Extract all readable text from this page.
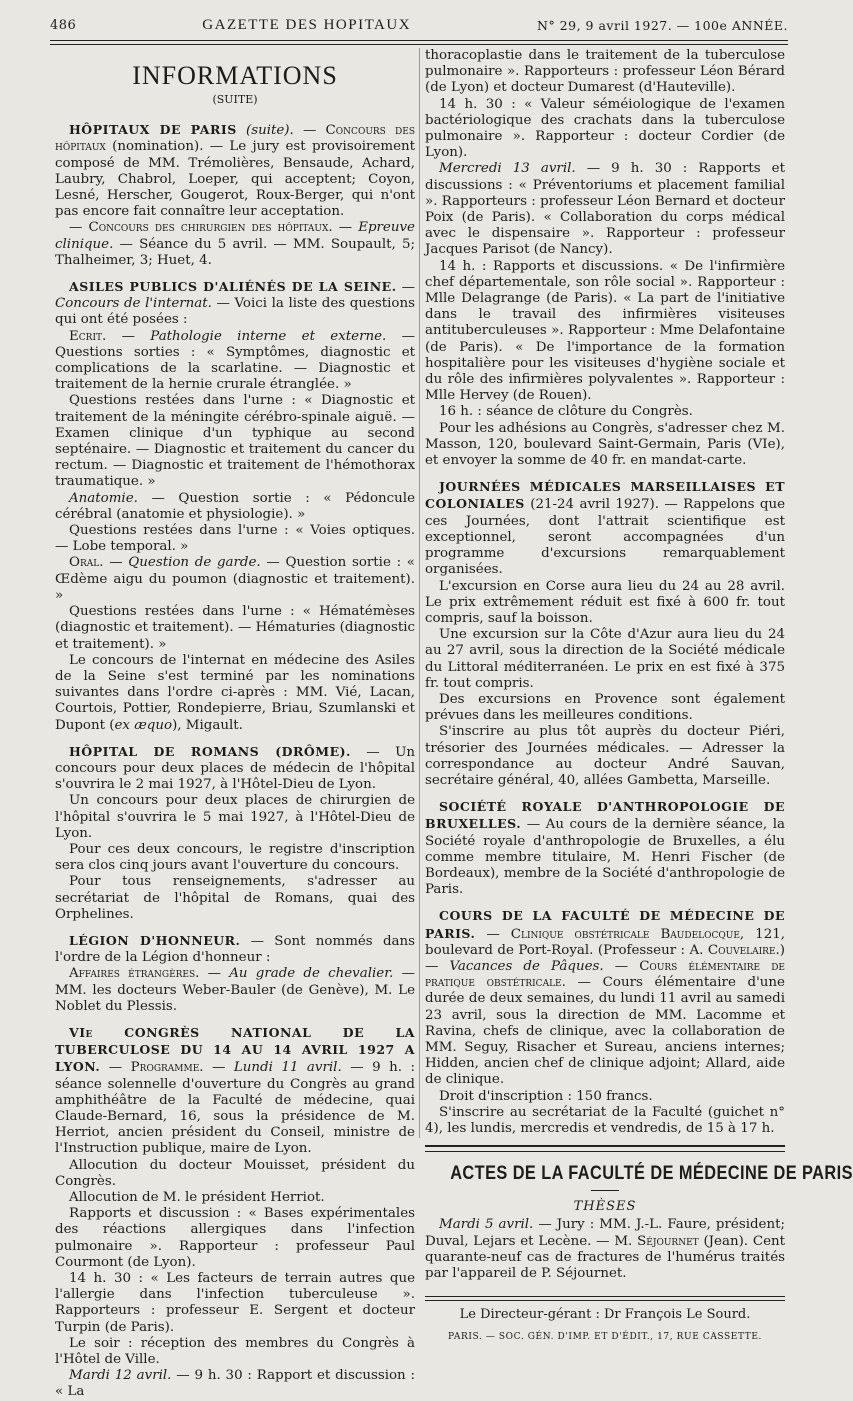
486	GAZETTE DES HOPITAUX	N° 29, 9 avril 1927. — 100e ANNÉE.
INFORMATIONS
(SUITE)

HÔPITAUX DE PARIS (suite). — Concours des hôpitaux (nomination). — Le jury est provisoirement composé de MM. Trémolières, Bensaude, Achard, Laubry, Chabrol, Loeper, qui acceptent; Coyon, Lesné, Herscher, Gougerot, Roux-Berger, qui n'ont pas encore fait connaître leur acceptation.

— Concours des chirurgien des hôpitaux. — Epreuve clinique. — Séance du 5 avril. — MM. Soupault, 5; Thalheimer, 3; Huet, 4.

ASILES PUBLICS D'ALIÉNÉS DE LA SEINE. — Concours de l'internat. — Voici la liste des questions qui ont été posées :

Ecrit. — Pathologie interne et externe. — Questions sorties : « Symptômes, diagnostic et complications de la scarlatine. — Diagnostic et traitement de la hernie crurale étranglée. »

Questions restées dans l'urne : « Diagnostic et traitement de la méningite cérébro-spinale aiguë. — Examen clinique d'un typhique au second septénaire. — Diagnostic et traitement du cancer du rectum. — Diagnostic et traitement de l'hémothorax traumatique. »

Anatomie. — Question sortie : « Pédoncule cérébral (anatomie et physiologie). »

Questions restées dans l'urne : « Voies optiques. — Lobe temporal. »

Oral. — Question de garde. — Question sortie : « Œdème aigu du poumon (diagnostic et traitement). »

Questions restées dans l'urne : « Hématémèses (diagnostic et traitement). — Hématuries (diagnostic et traitement). »

Le concours de l'internat en médecine des Asiles de la Seine s'est terminé par les nominations suivantes dans l'ordre ci-après : MM. Vié, Lacan, Courtois, Pottier, Rondepierre, Briau, Szumlanski et Dupont (ex æquo), Migault.

HÔPITAL DE ROMANS (DRÔME). — Un concours pour deux places de médecin de l'hôpital s'ouvrira le 2 mai 1927, à l'Hôtel-Dieu de Lyon.

Un concours pour deux places de chirurgien de l'hôpital s'ouvrira le 5 mai 1927, à l'Hôtel-Dieu de Lyon.

Pour ces deux concours, le registre d'inscription sera clos cinq jours avant l'ouverture du concours.

Pour tous renseignements, s'adresser au secrétariat de l'hôpital de Romans, quai des Orphelines.

LÉGION D'HONNEUR. — Sont nommés dans l'ordre de la Légion d'honneur :

Affaires étrangères. — Au grade de chevalier. — MM. les docteurs Weber-Bauler (de Genève), M. Le Noblet du Plessis.

VIe CONGRÈS NATIONAL DE LA TUBERCULOSE DU 14 AU 14 AVRIL 1927 A LYON. — Programme. — Lundi 11 avril. — 9 h. : séance solennelle d'ouverture du Congrès au grand amphithéâtre de la Faculté de médecine, quai Claude-Bernard, 16, sous la présidence de M. Herriot, ancien président du Conseil, ministre de l'Instruction publique, maire de Lyon.

Allocution du docteur Mouisset, président du Congrès.

Allocution de M. le président Herriot.

Rapports et discussion : « Bases expérimentales des réactions allergiques dans l'infection pulmonaire ». Rapporteur : professeur Paul Courmont (de Lyon).

14 h. 30 : « Les facteurs de terrain autres que l'allergie dans l'infection tuberculeuse ». Rapporteurs : professeur E. Sergent et docteur Turpin (de Paris).

Le soir : réception des membres du Congrès à l'Hôtel de Ville.

Mardi 12 avril. — 9 h. 30 : Rapport et discussion : « La

thoracoplastie dans le traitement de la tuberculose pulmonaire ». Rapporteurs : professeur Léon Bérard (de Lyon) et docteur Dumarest (d'Hauteville).

14 h. 30 : « Valeur séméiologique de l'examen bactériologique des crachats dans la tuberculose pulmonaire ». Rapporteur : docteur Cordier (de Lyon).

Mercredi 13 avril. — 9 h. 30 : Rapports et discussions : « Préventoriums et placement familial ». Rapporteurs : professeur Léon Bernard et docteur Poix (de Paris). « Collaboration du corps médical avec le dispensaire ». Rapporteur : professeur Jacques Parisot (de Nancy).

14 h. : Rapports et discussions. « De l'infirmière chef départementale, son rôle social ». Rapporteur : Mlle Delagrange (de Paris). « La part de l'initiative dans le travail des infirmières visiteuses antituberculeuses ». Rapporteur : Mme Delafontaine (de Paris). « De l'importance de la formation hospitalière pour les visiteuses d'hygiène sociale et du rôle des infirmières polyvalentes ». Rapporteur : Mlle Hervey (de Rouen).

16 h. : séance de clôture du Congrès.

Pour les adhésions au Congrès, s'adresser chez M. Masson, 120, boulevard Saint-Germain, Paris (VIe), et envoyer la somme de 40 fr. en mandat-carte.

JOURNÉES MÉDICALES MARSEILLAISES ET COLONIALES (21-24 avril 1927). — Rappelons que ces Journées, dont l'attrait scientifique est exceptionnel, seront accompagnées d'un programme d'excursions remarquablement organisées.

L'excursion en Corse aura lieu du 24 au 28 avril. Le prix extrêmement réduit est fixé à 600 fr. tout compris, sauf la boisson.

Une excursion sur la Côte d'Azur aura lieu du 24 au 27 avril, sous la direction de la Société médicale du Littoral méditerranéen. Le prix en est fixé à 375 fr. tout compris.

Des excursions en Provence sont également prévues dans les meilleures conditions.

S'inscrire au plus tôt auprès du docteur Piéri, trésorier des Journées médicales. — Adresser la correspondance au docteur André Sauvan, secrétaire général, 40, allées Gambetta, Marseille.

SOCIÉTÉ ROYALE D'ANTHROPOLOGIE DE BRUXELLES. — Au cours de la dernière séance, la Société royale d'anthropologie de Bruxelles, a élu comme membre titulaire, M. Henri Fischer (de Bordeaux), membre de la Société d'anthropologie de Paris.

COURS DE LA FACULTÉ DE MÉDECINE DE PARIS. — Clinique obstétricale Baudelocque, 121, boulevard de Port-Royal. (Professeur : A. Couvelaire.) — Vacances de Pâques. — Cours élémentaire de pratique obstétricale. — Cours élémentaire d'une durée de deux semaines, du lundi 11 avril au samedi 23 avril, sous la direction de MM. Lacomme et Ravina, chefs de clinique, avec la collaboration de MM. Seguy, Risacher et Sureau, anciens internes; Hidden, ancien chef de clinique adjoint; Allard, aide de clinique.

Droit d'inscription : 150 francs.

S'inscrire au secrétariat de la Faculté (guichet n° 4), les lundis, mercredis et vendredis, de 15 à 17 h.

ACTES DE LA FACULTÉ DE MÉDECINE DE PARIS
THÈSES

Mardi 5 avril. — Jury : MM. J.-L. Faure, président; Duval, Lejars et Lecène. — M. Séjournet (Jean). Cent quarante-neuf cas de fractures de l'humérus traités par l'appareil de P. Séjournet.

Le Directeur-gérant : Dr François Le Sourd.
PARIS. — SOC. GÉN. D'IMP. ET D'ÉDIT., 17, RUE CASSETTE.
